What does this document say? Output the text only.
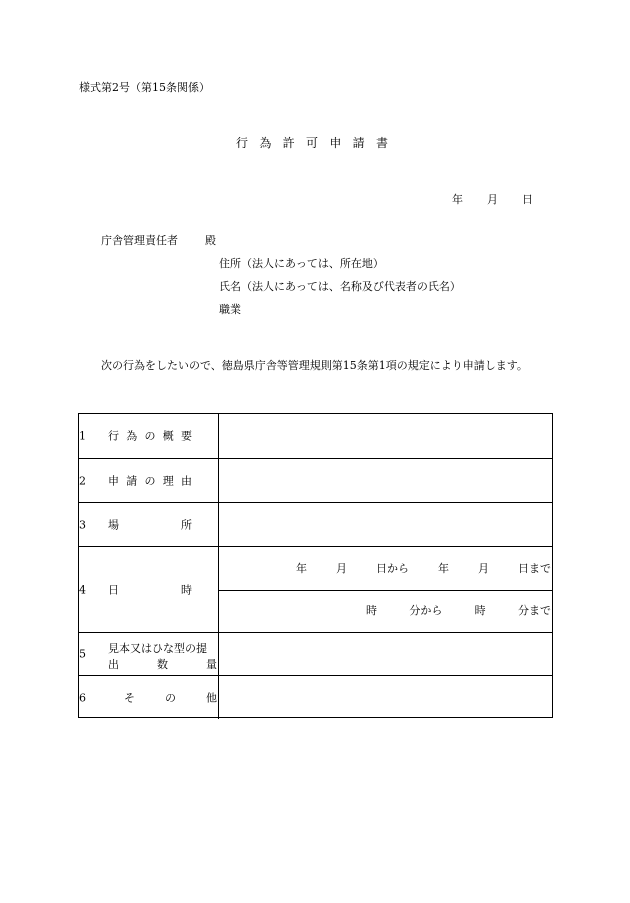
様式第2号（第15条関係）
行 為 許 可 申 請 書
年 月 日
庁舎管理責任者 殿
住所（法人にあっては、所在地）
氏名（法人にあっては、名称及び代表者の氏名）
職業
次の行為をしたいので、徳島県庁舎等管理規則第15条第1項の規定により申請します。
1 行 為 の 概 要
2 申 請 の 理 由
3 場	所
4 日	時
年	月	日から	年	月	日まで
時	分から	時	分まで
5 見本又はひな型の提
出	数	量
6	そ	の	他
